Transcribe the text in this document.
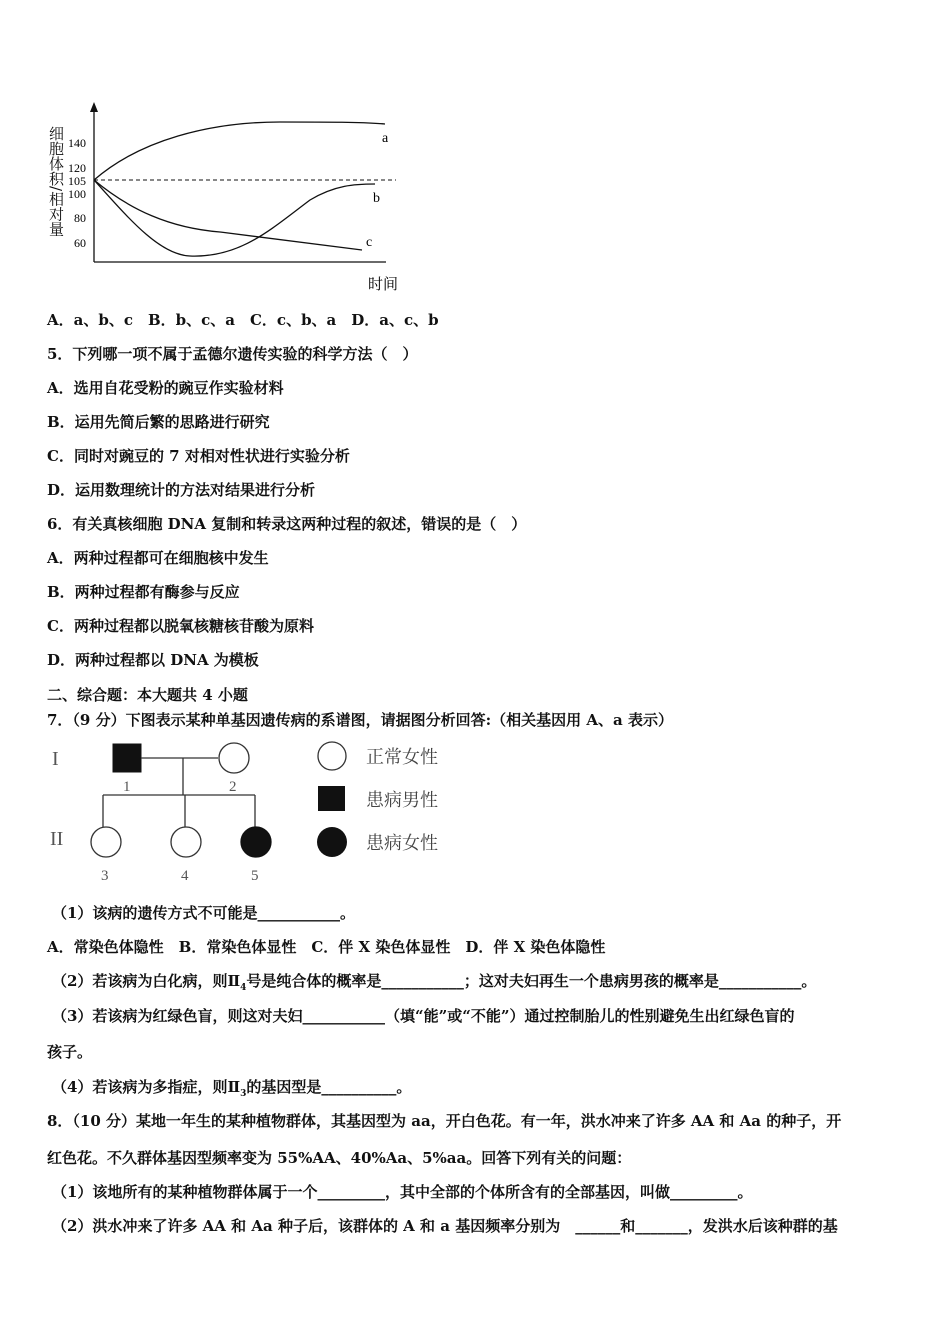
细胞体积/相对量 140
120
105
100
80
60
a
b
c
时间
A．a、b、c　B．b、c、a　C．c、b、a　D．a、c、b
5．下列哪一项不属于孟德尔遗传实验的科学方法（　）
A．选用自花受粉的豌豆作实验材料
B．运用先简后繁的思路进行研究
C．同时对豌豆的 7 对相对性状进行实验分析
D．运用数理统计的方法对结果进行分析
6．有关真核细胞 DNA 复制和转录这两种过程的叙述，错误的是（　）
A．两种过程都可在细胞核中发生
B．两种过程都有酶参与反应
C．两种过程都以脱氧核糖核苷酸为原料
D．两种过程都以 DNA 为模板
二、综合题：本大题共 4 小题
7．（9 分）下图表示某种单基因遗传病的系谱图，请据图分析回答:（相关基因用 A、a 表示）
I
II
1	2
3	4	5
正常女性
患病男性
患病女性
（1）该病的遗传方式不可能是___________。
A．常染色体隐性　B．常染色体显性　C．伴 X 染色体显性　D．伴 X 染色体隐性
（2）若该病为白化病，则$Ⅱ_4$号是纯合体的概率是___________；这对夫妇再生一个患病男孩的概率是___________。
（3）若该病为红绿色盲，则这对夫妇___________（填“能”或“不能”）通过控制胎儿的性别避免生出红绿色盲的
孩子。
（4）若该病为多指症，则$Ⅱ_3$的基因型是__________。
8．（10 分）某地一年生的某种植物群体，其基因型为 aa，开白色花。有一年，洪水冲来了许多 AA 和 Aa 的种子，开
红色花。不久群体基因型频率变为 55%AA、40%Aa、5%aa。回答下列有关的问题：
（1）该地所有的某种植物群体属于一个_________，其中全部的个体所含有的全部基因，叫做_________。
（2）洪水冲来了许多 AA 和 Aa 种子后，该群体的 A 和 a 基因频率分别为　______和_______，发洪水后该种群的基
